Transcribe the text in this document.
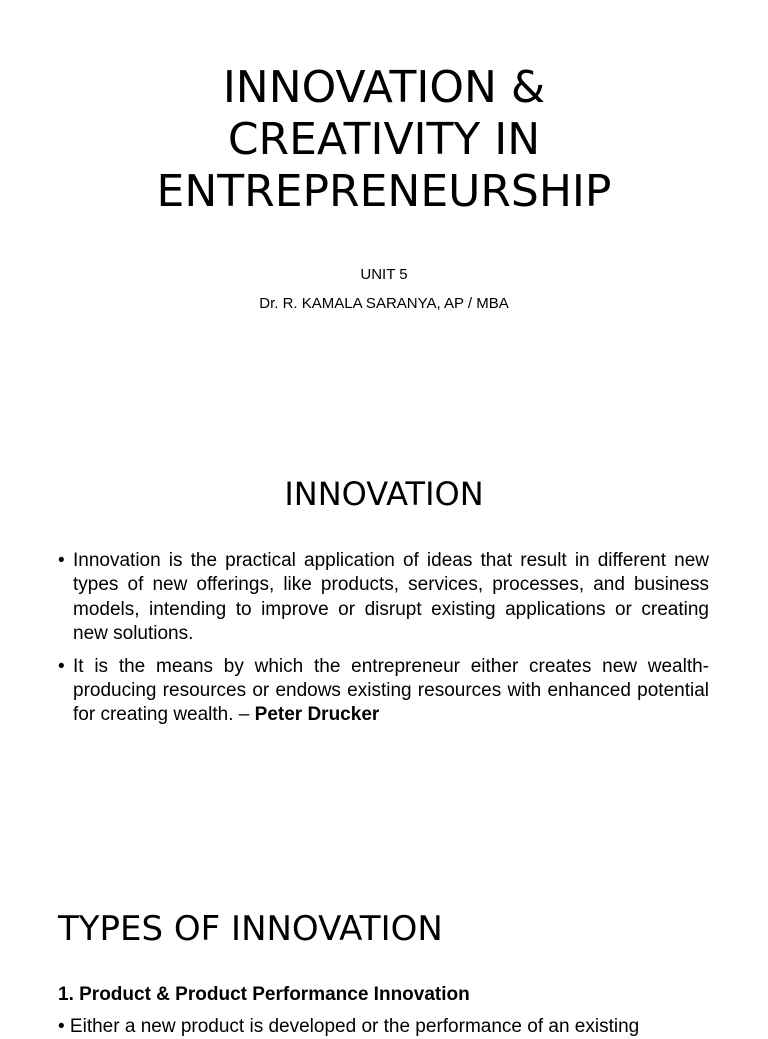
INNOVATION &
CREATIVITY IN
ENTREPRENEURSHIP
UNIT 5
Dr. R. KAMALA SARANYA, AP / MBA
INNOVATION
• Innovation is the practical application of ideas that result in different new types of new offerings, like products, services, processes, and business models, intending to improve or disrupt existing applications or creating new solutions.
• It is the means by which the entrepreneur either creates new wealth-producing resources or endows existing resources with enhanced potential for creating wealth. – Peter Drucker
TYPES OF INNOVATION
1. Product & Product Performance Innovation
• Either a new product is developed or the performance of an existing
